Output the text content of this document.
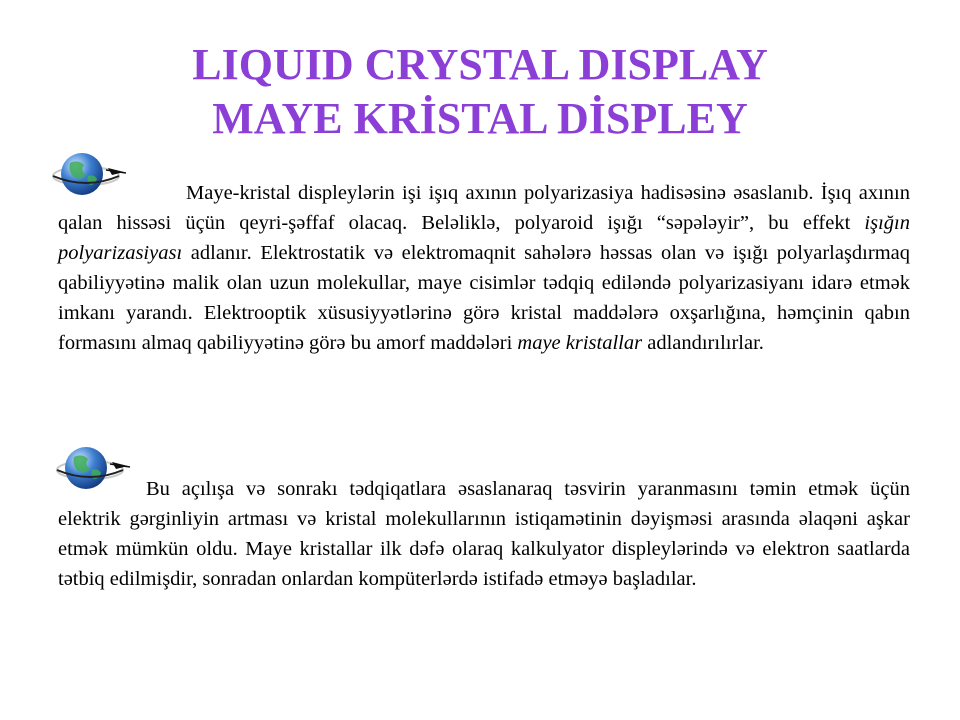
LIQUID CRYSTAL DISPLAY
MAYE KRİSTAL DİSPLEY
Maye-kristal displeylərin işi işıq axının polyarizasiya hadisəsinə əsaslanıb. İşıq axının qalan hissəsi üçün qeyri-şəffaf olacaq. Beləliklə, polyaroid işığı “səpələyir”, bu effekt işığın polyarizasiyası adlanır. Elektrostatik və elektromaqnit sahələrə həssas olan və işığı polyarlaşdırmaq qabiliyyətinə malik olan uzun molekullar, maye cisimlər tədqiq ediləndə polyarizasiyanı idarə etmək imkanı yarandı. Elektrooptik xüsusiyyətlərinə görə kristal maddələrə oxşarlığına, həmçinin qabın formasını almaq qabiliyyətinə görə bu amorf maddələri maye kristallar adlandırılırlar.
Bu açılışa və sonrakı tədqiqatlara əsaslanaraq təsvirin yaranmasını təmin etmək üçün elektrik gərginliyin artması və kristal molekullarının istiqamətinin dəyişməsi arasında əlaqəni aşkar etmək mümkün oldu. Maye kristallar ilk dəfə olaraq kalkulyator displeylərində və elektron saatlarda tətbiq edilmişdir, sonradan onlardan kompüterlərdə istifadə etməyə başladılar.
